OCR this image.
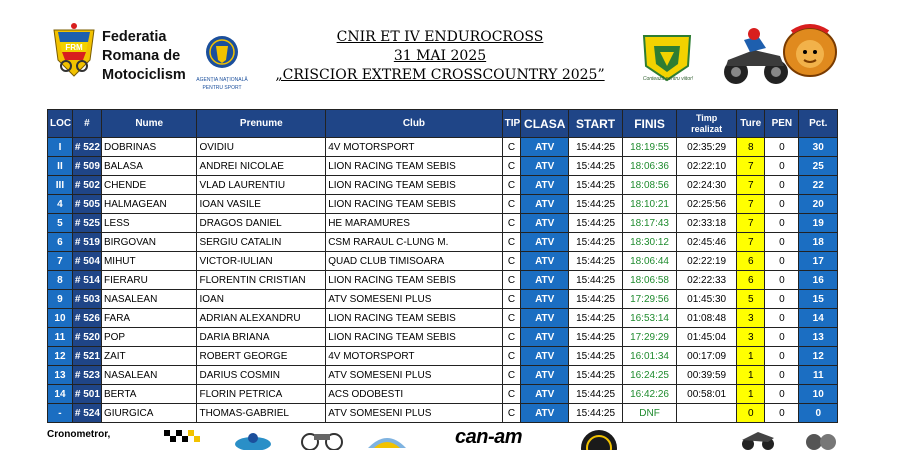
FRM
Federatia
Romana de
Motociclism AGENȚIA NAȚIONALĂ
PENTRU SPORT
CNIR ET IV ENDUROCROSS
31 MAI 2025
„CRISCIOR EXTREM CROSSCOUNTRY 2025”	Contează pentru viitor!
LOC	#	Nume	Prenume	Club	TIP	CLASA	START	FINIS	Timp
realizat	Ture	PEN	Pct.
I	# 522	DOBRINAS	OVIDIU	4V MOTORSPORT	C	ATV	15:44:25	18:19:55	02:35:29	8	0	30
II	# 509	BALASA	ANDREI NICOLAE	LION RACING TEAM SEBIS	C	ATV	15:44:25	18:06:36	02:22:10	7	0	25
III	# 502	CHENDE	VLAD LAURENTIU	LION RACING TEAM SEBIS	C	ATV	15:44:25	18:08:56	02:24:30	7	0	22
4	# 505	HALMAGEAN	IOAN VASILE	LION RACING TEAM SEBIS	C	ATV	15:44:25	18:10:21	02:25:56	7	0	20
5	# 525	LESS	DRAGOS DANIEL	HE MARAMURES	C	ATV	15:44:25	18:17:43	02:33:18	7	0	19
6	# 519	BIRGOVAN	SERGIU CATALIN	CSM RARAUL C-LUNG M.	C	ATV	15:44:25	18:30:12	02:45:46	7	0	18
7	# 504	MIHUT	VICTOR-IULIAN	QUAD CLUB TIMISOARA	C	ATV	15:44:25	18:06:44	02:22:19	6	0	17
8	# 514	FIERARU	FLORENTIN CRISTIAN	LION RACING TEAM SEBIS	C	ATV	15:44:25	18:06:58	02:22:33	6	0	16
9	# 503	NASALEAN	IOAN	ATV SOMESENI PLUS	C	ATV	15:44:25	17:29:56	01:45:30	5	0	15
10	# 526	FARA	ADRIAN ALEXANDRU	LION RACING TEAM SEBIS	C	ATV	15:44:25	16:53:14	01:08:48	3	0	14
11	# 520	POP	DARIA BRIANA	LION RACING TEAM SEBIS	C	ATV	15:44:25	17:29:29	01:45:04	3	0	13
12	# 521	ZAIT	ROBERT GEORGE	4V MOTORSPORT	C	ATV	15:44:25	16:01:34	00:17:09	1	0	12
13	# 523	NASALEAN	DARIUS COSMIN	ATV SOMESENI PLUS	C	ATV	15:44:25	16:24:25	00:39:59	1	0	11
14	# 501	BERTA	FLORIN PETRICA	ACS ODOBESTI	C	ATV	15:44:25	16:42:26	00:58:01	1	0	10
-	# 524	GIURGICA	THOMAS-GABRIEL	ATV SOMESENI PLUS	C	ATV	15:44:25	DNF		0	0	0
Cronometror,	can-am
